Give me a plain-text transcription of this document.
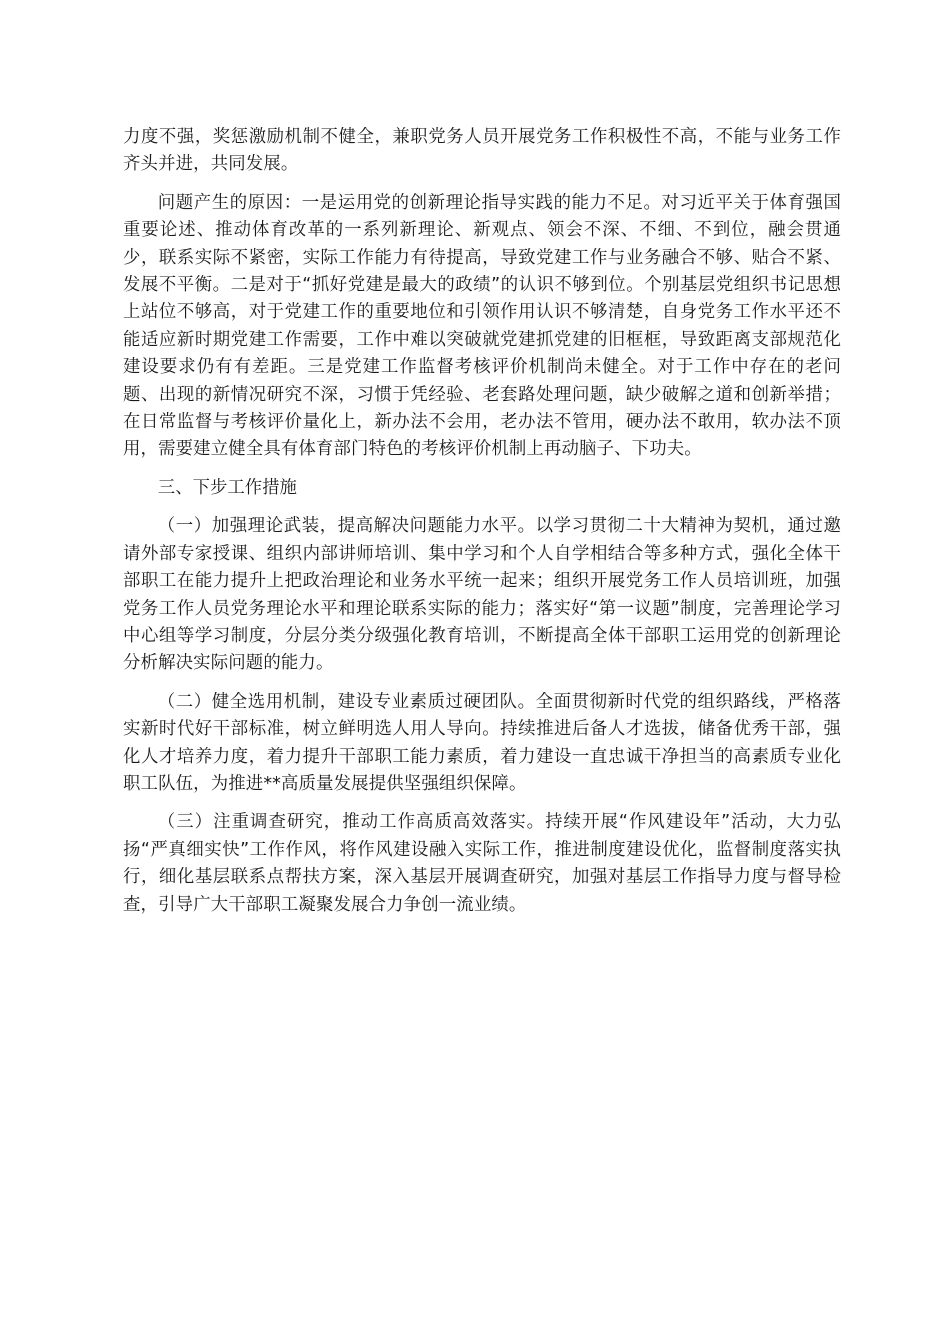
力度不强，奖惩激励机制不健全，兼职党务人员开展党务工作积极性不高，不能与业务工作齐头并进，共同发展。

问题产生的原因：一是运用党的创新理论指导实践的能力不足。对习近平关于体育强国重要论述、推动体育改革的一系列新理论、新观点、领会不深、不细、不到位，融会贯通少，联系实际不紧密，实际工作能力有待提高，导致党建工作与业务融合不够、贴合不紧、发展不平衡。二是对于“抓好党建是最大的政绩”的认识不够到位。个别基层党组织书记思想上站位不够高，对于党建工作的重要地位和引领作用认识不够清楚，自身党务工作水平还不能适应新时期党建工作需要，工作中难以突破就党建抓党建的旧框框，导致距离支部规范化建设要求仍有有差距。三是党建工作监督考核评价机制尚未健全。对于工作中存在的老问题、出现的新情况研究不深，习惯于凭经验、老套路处理问题，缺少破解之道和创新举措；在日常监督与考核评价量化上，新办法不会用，老办法不管用，硬办法不敢用，软办法不顶用，需要建立健全具有体育部门特色的考核评价机制上再动脑子、下功夫。

三、下步工作措施

（一）加强理论武装，提高解决问题能力水平。以学习贯彻二十大精神为契机，通过邀请外部专家授课、组织内部讲师培训、集中学习和个人自学相结合等多种方式，强化全体干部职工在能力提升上把政治理论和业务水平统一起来；组织开展党务工作人员培训班，加强党务工作人员党务理论水平和理论联系实际的能力；落实好“第一议题”制度，完善理论学习中心组等学习制度，分层分类分级强化教育培训，不断提高全体干部职工运用党的创新理论分析解决实际问题的能力。

（二）健全选用机制，建设专业素质过硬团队。全面贯彻新时代党的组织路线，严格落实新时代好干部标准，树立鲜明选人用人导向。持续推进后备人才选拔，储备优秀干部，强化人才培养力度，着力提升干部职工能力素质，着力建设一直忠诚干净担当的高素质专业化职工队伍，为推进**高质量发展提供坚强组织保障。

（三）注重调查研究，推动工作高质高效落实。持续开展“作风建设年”活动，大力弘扬“严真细实快”工作作风，将作风建设融入实际工作，推进制度建设优化，监督制度落实执行，细化基层联系点帮扶方案，深入基层开展调查研究，加强对基层工作指导力度与督导检查，引导广大干部职工凝聚发展合力争创一流业绩。
